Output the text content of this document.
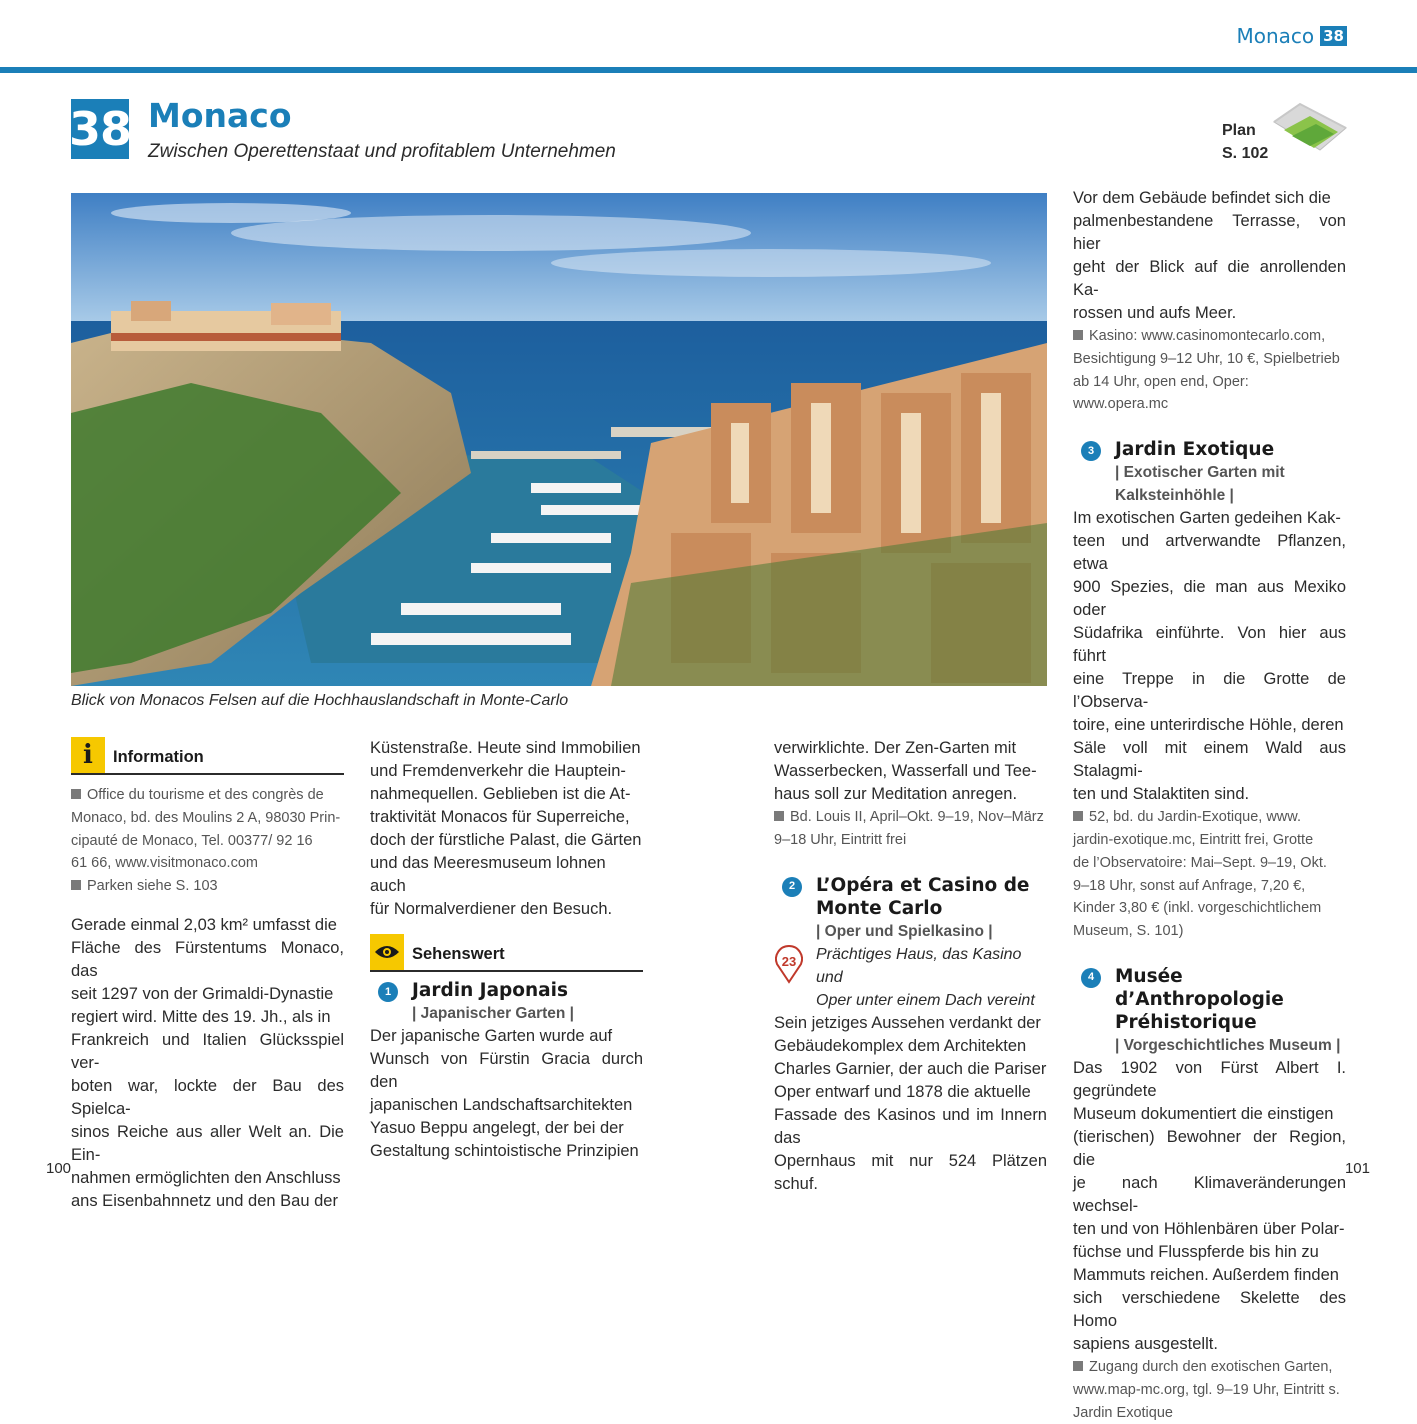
Monaco 38
38 Monaco
Zwischen Operettenstaat und profitablem Unternehmen
Plan
S. 102
Blick von Monacos Felsen auf die Hochhauslandschaft in Monte-Carlo
i	Information
Office du tourisme et des congrès de
Monaco, bd. des Moulins 2 A, 98030 Prin-
cipauté de Monaco, Tel. 00377/ 92 16
61 66, www.visitmonaco.com
Parken siehe S. 103
Gerade einmal 2,03 km² umfasst die
Fläche des Fürstentums Monaco, das
seit 1297 von der Grimaldi-Dynastie
regiert wird. Mitte des 19. Jh., als in
Frankreich und Italien Glücksspiel ver-
boten war, lockte der Bau des Spielca-
sinos Reiche aus aller Welt an. Die Ein-
nahmen ermöglichten den Anschluss
ans Eisenbahnnetz und den Bau der
Küstenstraße. Heute sind Immobilien
und Fremdenverkehr die Hauptein-
nahmequellen. Geblieben ist die At-
traktivität Monacos für Superreiche,
doch der fürstliche Palast, die Gärten
und das Meeresmuseum lohnen auch
für Normalverdiener den Besuch.
Sehenswert
1	Jardin Japonais
| Japanischer Garten |
Der japanische Garten wurde auf
Wunsch von Fürstin Gracia durch den
japanischen Landschaftsarchitekten
Yasuo Beppu angelegt, der bei der
Gestaltung schintoistische Prinzipien
verwirklichte. Der Zen-Garten mit
Wasserbecken, Wasserfall und Tee-
haus soll zur Meditation anregen.
Bd. Louis II, April–Okt. 9–19, Nov–März
9–18 Uhr, Eintritt frei
2	L’Opéra et Casino de
Monte Carlo
| Oper und Spielkasino |
Prächtiges Haus, das Kasino und
Oper unter einem Dach vereint
23
Sein jetziges Aussehen verdankt der
Gebäudekomplex dem Architekten
Charles Garnier, der auch die Pariser
Oper entwarf und 1878 die aktuelle
Fassade des Kasinos und im Innern das
Opernhaus mit nur 524 Plätzen schuf.
Vor dem Gebäude befindet sich die
palmenbestandene Terrasse, von hier
geht der Blick auf die anrollenden Ka-
rossen und aufs Meer.
Kasino: www.casinomontecarlo.com,
Besichtigung 9–12 Uhr, 10 €, Spielbetrieb
ab 14 Uhr, open end, Oper: www.opera.mc
3	Jardin Exotique
| Exotischer Garten mit
Kalksteinhöhle |
Im exotischen Garten gedeihen Kak-
teen und artverwandte Pflanzen, etwa
900 Spezies, die man aus Mexiko oder
Südafrika einführte. Von hier aus führt
eine Treppe in die Grotte de l’Observa-
toire, eine unterirdische Höhle, deren
Säle voll mit einem Wald aus Stalagmi-
ten und Stalaktiten sind.
52, bd. du Jardin-Exotique, www.
jardin-exotique.mc, Eintritt frei, Grotte
de l’Observatoire: Mai–Sept. 9–19, Okt.
9–18 Uhr, sonst auf Anfrage, 7,20 €,
Kinder 3,80 € (inkl. vorgeschichtlichem
Museum, S. 101)
4	Musée d’Anthropologie
Préhistorique
| Vorgeschichtliches Museum |
Das 1902 von Fürst Albert I. gegründete
Museum dokumentiert die einstigen
(tierischen) Bewohner der Region, die
je nach Klimaveränderungen wechsel-
ten und von Höhlenbären über Polar-
füchse und Flusspferde bis hin zu
Mammuts reichen. Außerdem finden
sich verschiedene Skelette des Homo
sapiens ausgestellt.
Zugang durch den exotischen Garten,
www.map-mc.org, tgl. 9–19 Uhr, Eintritt s.
Jardin Exotique
100	101
